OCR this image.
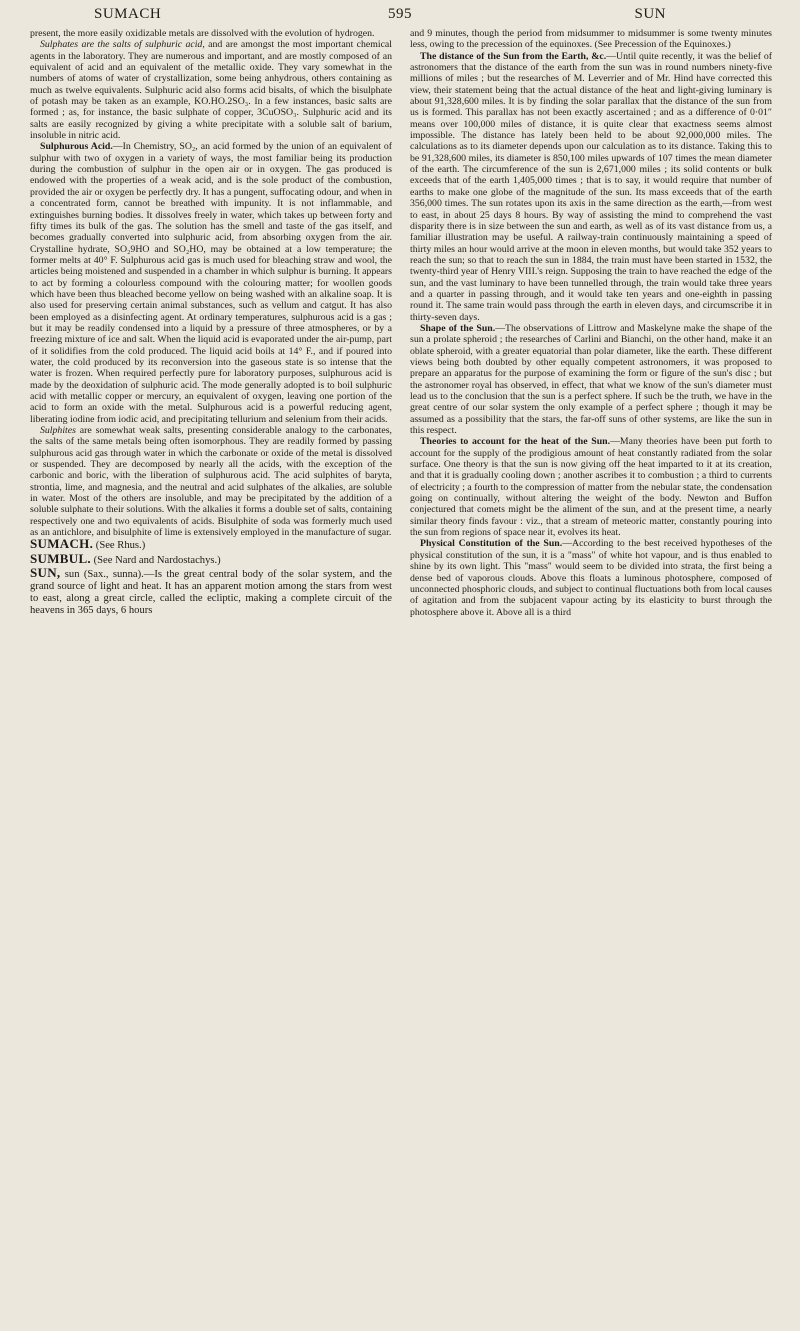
SUMACH	595	SUN

present, the more easily oxidizable metals are dissolved with the evolution of hydrogen.

Sulphates are the salts of sulphuric acid, and are amongst the most important chemical agents in the laboratory. They are numerous and important, and are mostly composed of an equivalent of acid and an equivalent of the metallic oxide. They vary somewhat in the numbers of atoms of water of crystallization, some being anhydrous, others containing as much as twelve equivalents. Sulphuric acid also forms acid bisalts, of which the bisulphate of potash may be taken as an example, KO.HO.2SO₃. In a few instances, basic salts are formed ; as, for instance, the basic sulphate of copper, 3CuOSO₃. Sulphuric acid and its salts are easily recognized by giving a white precipitate with a soluble salt of barium, insoluble in nitric acid.

Sulphurous Acid.—In Chemistry, SO₂, an acid formed by the union of an equivalent of sulphur with two of oxygen in a variety of ways, the most familiar being its production during the combustion of sulphur in the open air or in oxygen. The gas produced is endowed with the properties of a weak acid, and is the sole product of the combustion, provided the air or oxygen be perfectly dry. It has a pungent, suffocating odour, and when in a concentrated form, cannot be breathed with impunity. It is not inflammable, and extinguishes burning bodies. It dissolves freely in water, which takes up between forty and fifty times its bulk of the gas. The solution has the smell and taste of the gas itself, and becomes gradually converted into sulphuric acid, from absorbing oxygen from the air. Crystalline hydrate, SO₂9HO and SO₂HO, may be obtained at a low temperature; the former melts at 40° F. Sulphurous acid gas is much used for bleaching straw and wool, the articles being moistened and suspended in a chamber in which sulphur is burning. It appears to act by forming a colourless compound with the colouring matter; for woollen goods which have been thus bleached become yellow on being washed with an alkaline soap. It is also used for preserving certain animal substances, such as vellum and catgut. It has also been employed as a disinfecting agent. At ordinary temperatures, sulphurous acid is a gas ; but it may be readily condensed into a liquid by a pressure of three atmospheres, or by a freezing mixture of ice and salt. When the liquid acid is evaporated under the air-pump, part of it solidifies from the cold produced. The liquid acid boils at 14° F., and if poured into water, the cold produced by its reconversion into the gaseous state is so intense that the water is frozen. When required perfectly pure for laboratory purposes, sulphurous acid is made by the deoxidation of sulphuric acid. The mode generally adopted is to boil sulphuric acid with metallic copper or mercury, an equivalent of oxygen, leaving one portion of the acid to form an oxide with the metal. Sulphurous acid is a powerful reducing agent, liberating iodine from iodic acid, and precipitating tellurium and selenium from their acids.

Sulphites are somewhat weak salts, presenting considerable analogy to the carbonates, the salts of the same metals being often isomorphous. They are readily formed by passing sulphurous acid gas through water in which the carbonate or oxide of the metal is dissolved or suspended. They are decomposed by nearly all the acids, with the exception of the carbonic and boric, with the liberation of sulphurous acid. The acid sulphites of baryta, strontia, lime, and magnesia, and the neutral and acid sulphates of the alkalies, are soluble in water. Most of the others are insoluble, and may be precipitated by the addition of a soluble sulphate to their solutions. With the alkalies it forms a double set of salts, containing respectively one and two equivalents of acids. Bisulphite of soda was formerly much used as an antichlore, and bisulphite of lime is extensively employed in the manufacture of sugar.

SUMACH. (See Rhus.)

SUMBUL. (See Nard and Nardostachys.)

SUN, sun (Sax., sunna).—Is the great central body of the solar system, and the grand source of light and heat. It has an apparent motion among the stars from west to east, along a great circle, called the ecliptic, making a complete circuit of the heavens in 365 days, 6 hours

and 9 minutes, though the period from midsummer to midsummer is some twenty minutes less, owing to the precession of the equinoxes. (See Precession of the Equinoxes.)

The distance of the Sun from the Earth, &c.—Until quite recently, it was the belief of astronomers that the distance of the earth from the sun was in round numbers ninety-five millions of miles ; but the researches of M. Leverrier and of Mr. Hind have corrected this view, their statement being that the actual distance of the heat and light-giving luminary is about 91,328,600 miles. It is by finding the solar parallax that the distance of the sun from us is formed. This parallax has not been exactly ascertained ; and as a difference of 0·01″ means over 100,000 miles of distance, it is quite clear that exactness seems almost impossible. The distance has lately been held to be about 92,000,000 miles. The calculations as to its diameter depends upon our calculation as to its distance. Taking this to be 91,328,600 miles, its diameter is 850,100 miles upwards of 107 times the mean diameter of the earth. The circumference of the sun is 2,671,000 miles ; its solid contents or bulk exceeds that of the earth 1,405,000 times ; that is to say, it would require that number of earths to make one globe of the magnitude of the sun. Its mass exceeds that of the earth 356,000 times. The sun rotates upon its axis in the same direction as the earth,—from west to east, in about 25 days 8 hours. By way of assisting the mind to comprehend the vast disparity there is in size between the sun and earth, as well as of its vast distance from us, a familiar illustration may be useful. A railway-train continuously maintaining a speed of thirty miles an hour would arrive at the moon in eleven months, but would take 352 years to reach the sun; so that to reach the sun in 1884, the train must have been started in 1532, the twenty-third year of Henry VIII.'s reign. Supposing the train to have reached the edge of the sun, and the vast luminary to have been tunnelled through, the train would take three years and a quarter in passing through, and it would take ten years and one-eighth in passing round it. The same train would pass through the earth in eleven days, and circumscribe it in thirty-seven days.

Shape of the Sun.—The observations of Littrow and Maskelyne make the shape of the sun a prolate spheroid ; the researches of Carlini and Bianchi, on the other hand, make it an oblate spheroid, with a greater equatorial than polar diameter, like the earth. These different views being both doubted by other equally competent astronomers, it was proposed to prepare an apparatus for the purpose of examining the form or figure of the sun's disc ; but the astronomer royal has observed, in effect, that what we know of the sun's diameter must lead us to the conclusion that the sun is a perfect sphere. If such be the truth, we have in the great centre of our solar system the only example of a perfect sphere ; though it may be assumed as a possibility that the stars, the far-off suns of other systems, are like the sun in this respect.

Theories to account for the heat of the Sun.—Many theories have been put forth to account for the supply of the prodigious amount of heat constantly radiated from the solar surface. One theory is that the sun is now giving off the heat imparted to it at its creation, and that it is gradually cooling down ; another ascribes it to combustion ; a third to currents of electricity ; a fourth to the compression of matter from the nebular state, the condensation going on continually, without altering the weight of the body. Newton and Buffon conjectured that comets might be the aliment of the sun, and at the present time, a nearly similar theory finds favour : viz., that a stream of meteoric matter, constantly pouring into the sun from regions of space near it, evolves its heat.

Physical Constitution of the Sun.—According to the best received hypotheses of the physical constitution of the sun, it is a "mass" of white hot vapour, and is thus enabled to shine by its own light. This "mass" would seem to be divided into strata, the first being a dense bed of vaporous clouds. Above this floats a luminous photosphere, composed of unconnected phosphoric clouds, and subject to continual fluctuations both from local causes of agitation and from the subjacent vapour acting by its elasticity to burst through the photosphere above it. Above all is a third
